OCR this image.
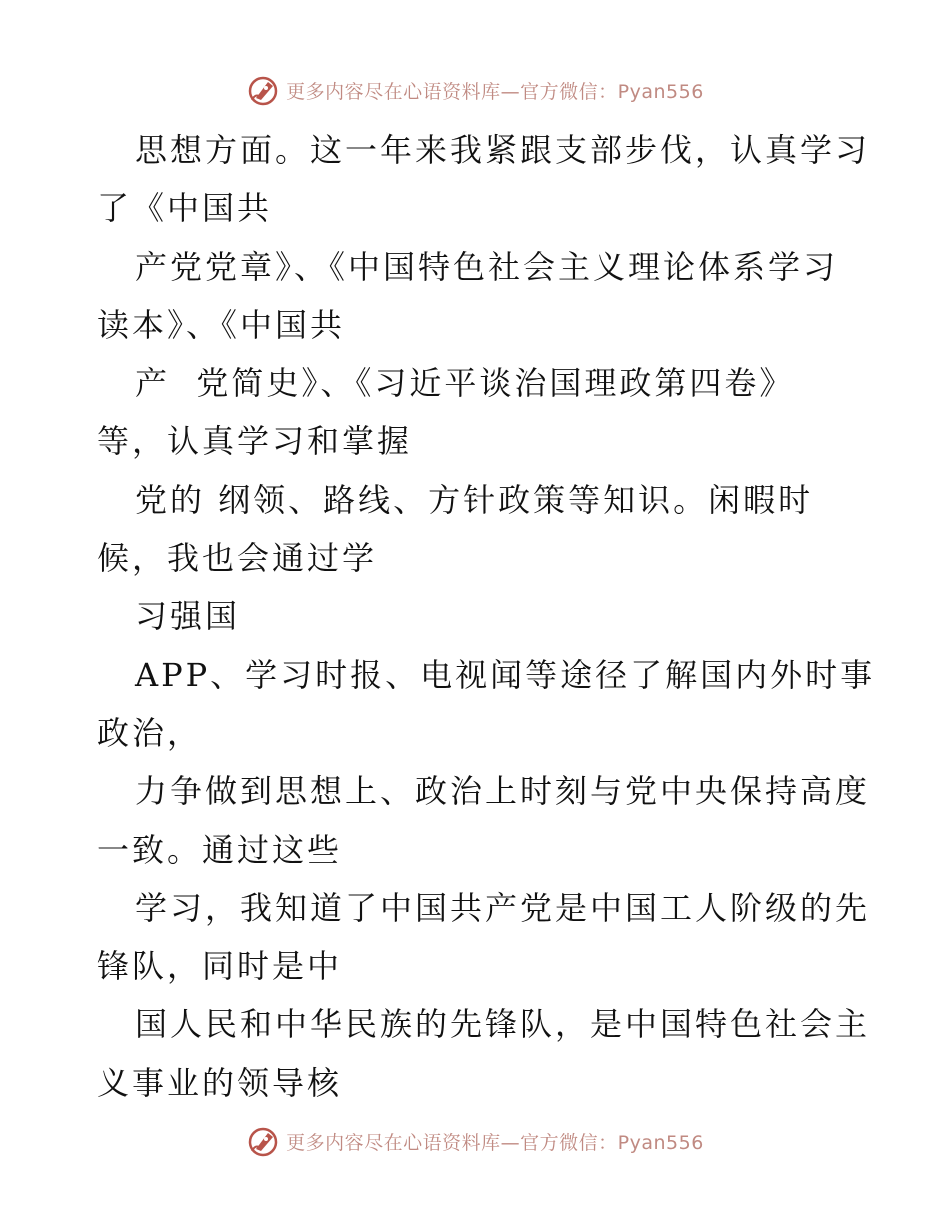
更多内容尽在心语资料库—官方微信：Pyan556
思想方面。这一年来我紧跟支部步伐，认真学习
了《中国共
产党党章》、《中国特色社会主义理论体系学习
读本》、《中国共
产  党简史》、《习近平谈治国理政第四卷》
等，认真学习和掌握
党的 纲领、路线、方针政策等知识。闲暇时
候，我也会通过学
习强国
APP、学习时报、电视闻等途径了解国内外时事
政治，
力争做到思想上、政治上时刻与党中央保持高度
一致。通过这些
学习，我知道了中国共产党是中国工人阶级的先
锋队，同时是中
国人民和中华民族的先锋队，是中国特色社会主
义事业的领导核
更多内容尽在心语资料库—官方微信：Pyan556
